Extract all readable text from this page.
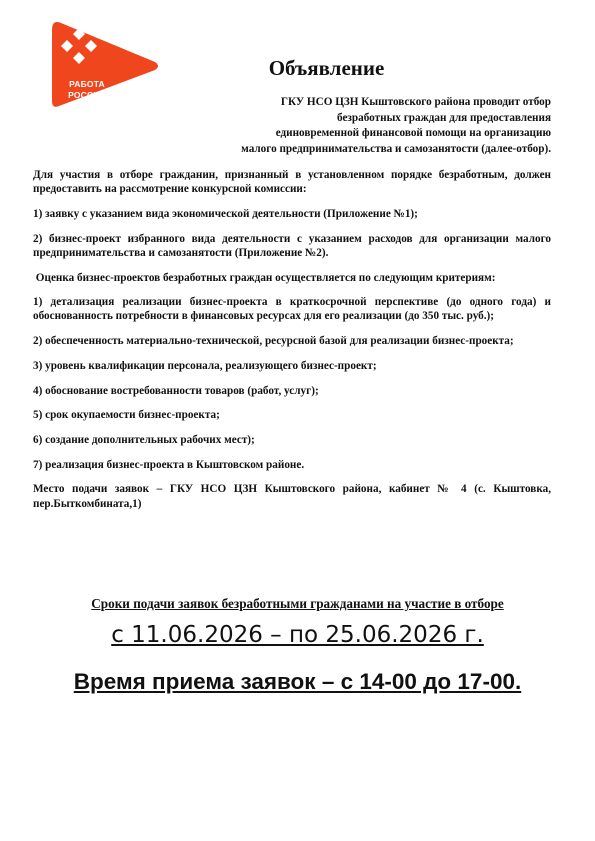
РАБОТА
РОССИИ
Объявление
ГКУ НСО ЦЗН Кыштовского района проводит отбор
безработных граждан для предоставления
единовременной финансовой помощи на организацию
малого предпринимательства и самозанятости (далее-отбор).

Для участия в отборе гражданин, признанный в установленном порядке безработным, должен предоставить на рассмотрение конкурсной комиссии:

1) заявку с указанием вида экономической деятельности (Приложение №1);

2) бизнес-проект избранного вида деятельности с указанием расходов для организации малого предпринимательства и самозанятости (Приложение №2).

Оценка бизнес-проектов безработных граждан осуществляется по следующим критериям:

1) детализация реализации бизнес-проекта в краткосрочной перспективе (до одного года) и обоснованность потребности в финансовых ресурсах для его реализации (до 350 тыс. руб.);

2) обеспеченность материально-технической, ресурсной базой для реализации бизнес-проекта;

3) уровень квалификации персонала, реализующего бизнес-проект;

4) обоснование востребованности товаров (работ, услуг);

5) срок окупаемости бизнес-проекта;

6) создание дополнительных рабочих мест);

7) реализация бизнес-проекта в Кыштовском районе.

Место подачи заявок – ГКУ НСО ЦЗН Кыштовского района, кабинет № 4 (с. Кыштовка, пер.Быткомбината,1)

Сроки подачи заявок безработными гражданами на участие в отборе
с 11.06.2026 – по 25.06.2026 г.
Время приема заявок – с 14-00 до 17-00.
